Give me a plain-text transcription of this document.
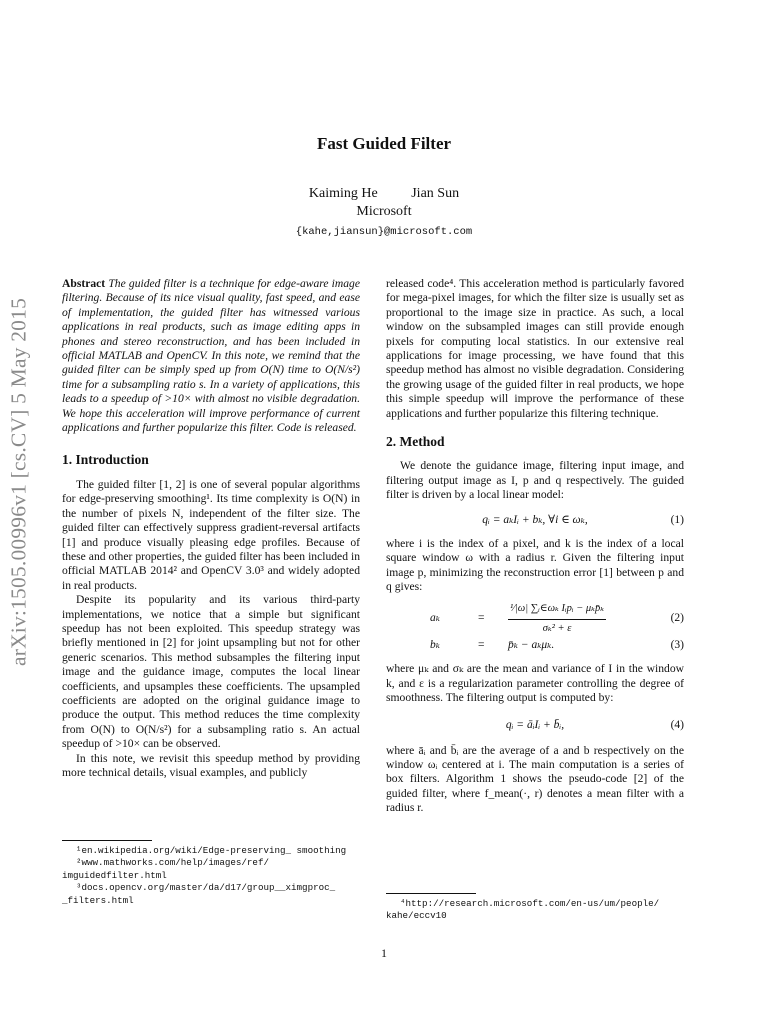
arXiv:1505.00996v1 [cs.CV] 5 May 2015
Fast Guided Filter
Kaiming He Jian Sun
Microsoft
{kahe,jiansun}@microsoft.com

Abstract The guided filter is a technique for edge-aware image filtering. Because of its nice visual quality, fast speed, and ease of implementation, the guided filter has witnessed various applications in real products, such as image editing apps in phones and stereo reconstruction, and has been included in official MATLAB and OpenCV. In this note, we remind that the guided filter can be simply sped up from O(N) time to O(N/s²) time for a subsampling ratio s. In a variety of applications, this leads to a speedup of >10× with almost no visible degradation. We hope this acceleration will improve performance of current applications and further popularize this filter. Code is released.

1. Introduction

The guided filter [1, 2] is one of several popular algorithms for edge-preserving smoothing¹. Its time complexity is O(N) in the number of pixels N, independent of the filter size. The guided filter can effectively suppress gradient-reversal artifacts [1] and produce visually pleasing edge profiles. Because of these and other properties, the guided filter has been included in official MATLAB 2014² and OpenCV 3.0³ and widely adopted in real products.

Despite its popularity and its various third-party implementations, we notice that a simple but significant speedup has not been exploited. This speedup strategy was briefly mentioned in [2] for joint upsampling but not for other generic scenarios. This method subsamples the filtering input image and the guidance image, computes the local linear coefficients, and upsamples these coefficients. The upsampled coefficients are adopted on the original guidance image to produce the output. This method reduces the time complexity from O(N) to O(N/s²) for a subsampling ratio s. An actual speedup of >10× can be observed.

In this note, we revisit this speedup method by providing more technical details, visual examples, and publicly

¹en.wikipedia.org/wiki/Edge-preserving_ smoothing
²www.mathworks.com/help/images/ref/ imguidedfilter.html
³docs.opencv.org/master/da/d17/group__ximgproc_ _filters.html

released code⁴. This acceleration method is particularly favored for mega-pixel images, for which the filter size is usually set as proportional to the image size in practice. As such, a local window on the subsampled images can still provide enough pixels for computing local statistics. In our extensive real applications for image processing, we have found that this speedup method has almost no visible degradation. Considering the growing usage of the guided filter in real products, we hope this simple speedup will improve the performance of these applications and further popularize this filtering technique.

2. Method

We denote the guidance image, filtering input image, and filtering output image as I, p and q respectively. The guided filter is driven by a local linear model:

qᵢ = aₖIᵢ + bₖ, ∀i ∈ ωₖ,	(1)

where i is the index of a pixel, and k is the index of a local square window ω with a radius r. Given the filtering input image p, minimizing the reconstruction error [1] between p and q gives:

aₖ	= $\frac{\text{¹⁄|ω| ∑ᵢ∈ωₖ Iᵢpᵢ − μₖp̄ₖ}}{\text{σₖ² + ε}}$	(2)
bₖ	= p̄ₖ − aₖμₖ.	(3)

where μₖ and σₖ are the mean and variance of I in the window k, and ε is a regularization parameter controlling the degree of smoothness. The filtering output is computed by:

qᵢ = āᵢIᵢ + b̄ᵢ,	(4)

where āᵢ and b̄ᵢ are the average of a and b respectively on the window ωᵢ centered at i. The main computation is a series of box filters. Algorithm 1 shows the pseudo-code [2] of the guided filter, where f_mean(·, r) denotes a mean filter with a radius r.

⁴http://research.microsoft.com/en-us/um/people/ kahe/eccv10
1
